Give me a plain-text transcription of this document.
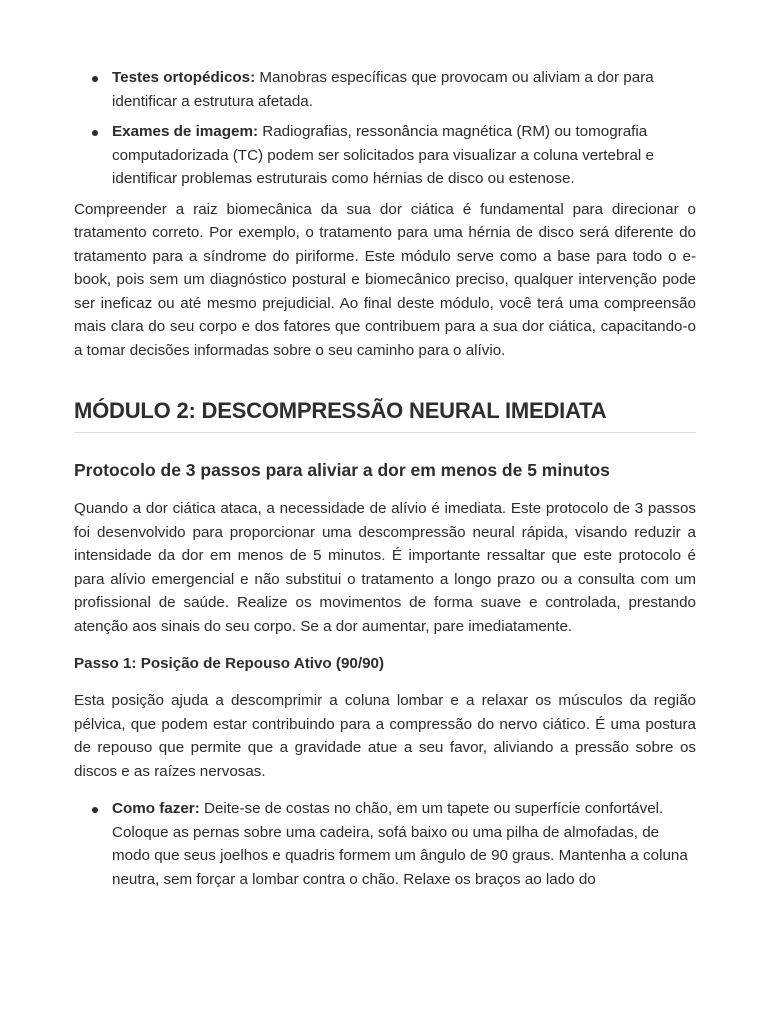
Testes ortopédicos: Manobras específicas que provocam ou aliviam a dor para identificar a estrutura afetada.
Exames de imagem: Radiografias, ressonância magnética (RM) ou tomografia computadorizada (TC) podem ser solicitados para visualizar a coluna vertebral e identificar problemas estruturais como hérnias de disco ou estenose.

Compreender a raiz biomecânica da sua dor ciática é fundamental para direcionar o tratamento correto. Por exemplo, o tratamento para uma hérnia de disco será diferente do tratamento para a síndrome do piriforme. Este módulo serve como a base para todo o e-book, pois sem um diagnóstico postural e biomecânico preciso, qualquer intervenção pode ser ineficaz ou até mesmo prejudicial. Ao final deste módulo, você terá uma compreensão mais clara do seu corpo e dos fatores que contribuem para a sua dor ciática, capacitando-o a tomar decisões informadas sobre o seu caminho para o alívio.

MÓDULO 2: DESCOMPRESSÃO NEURAL IMEDIATA
Protocolo de 3 passos para aliviar a dor em menos de 5 minutos

Quando a dor ciática ataca, a necessidade de alívio é imediata. Este protocolo de 3 passos foi desenvolvido para proporcionar uma descompressão neural rápida, visando reduzir a intensidade da dor em menos de 5 minutos. É importante ressaltar que este protocolo é para alívio emergencial e não substitui o tratamento a longo prazo ou a consulta com um profissional de saúde. Realize os movimentos de forma suave e controlada, prestando atenção aos sinais do seu corpo. Se a dor aumentar, pare imediatamente.

Passo 1: Posição de Repouso Ativo (90/90)

Esta posição ajuda a descomprimir a coluna lombar e a relaxar os músculos da região pélvica, que podem estar contribuindo para a compressão do nervo ciático. É uma postura de repouso que permite que a gravidade atue a seu favor, aliviando a pressão sobre os discos e as raízes nervosas.

Como fazer: Deite-se de costas no chão, em um tapete ou superfície confortável. Coloque as pernas sobre uma cadeira, sofá baixo ou uma pilha de almofadas, de modo que seus joelhos e quadris formem um ângulo de 90 graus. Mantenha a coluna neutra, sem forçar a lombar contra o chão. Relaxe os braços ao lado do
